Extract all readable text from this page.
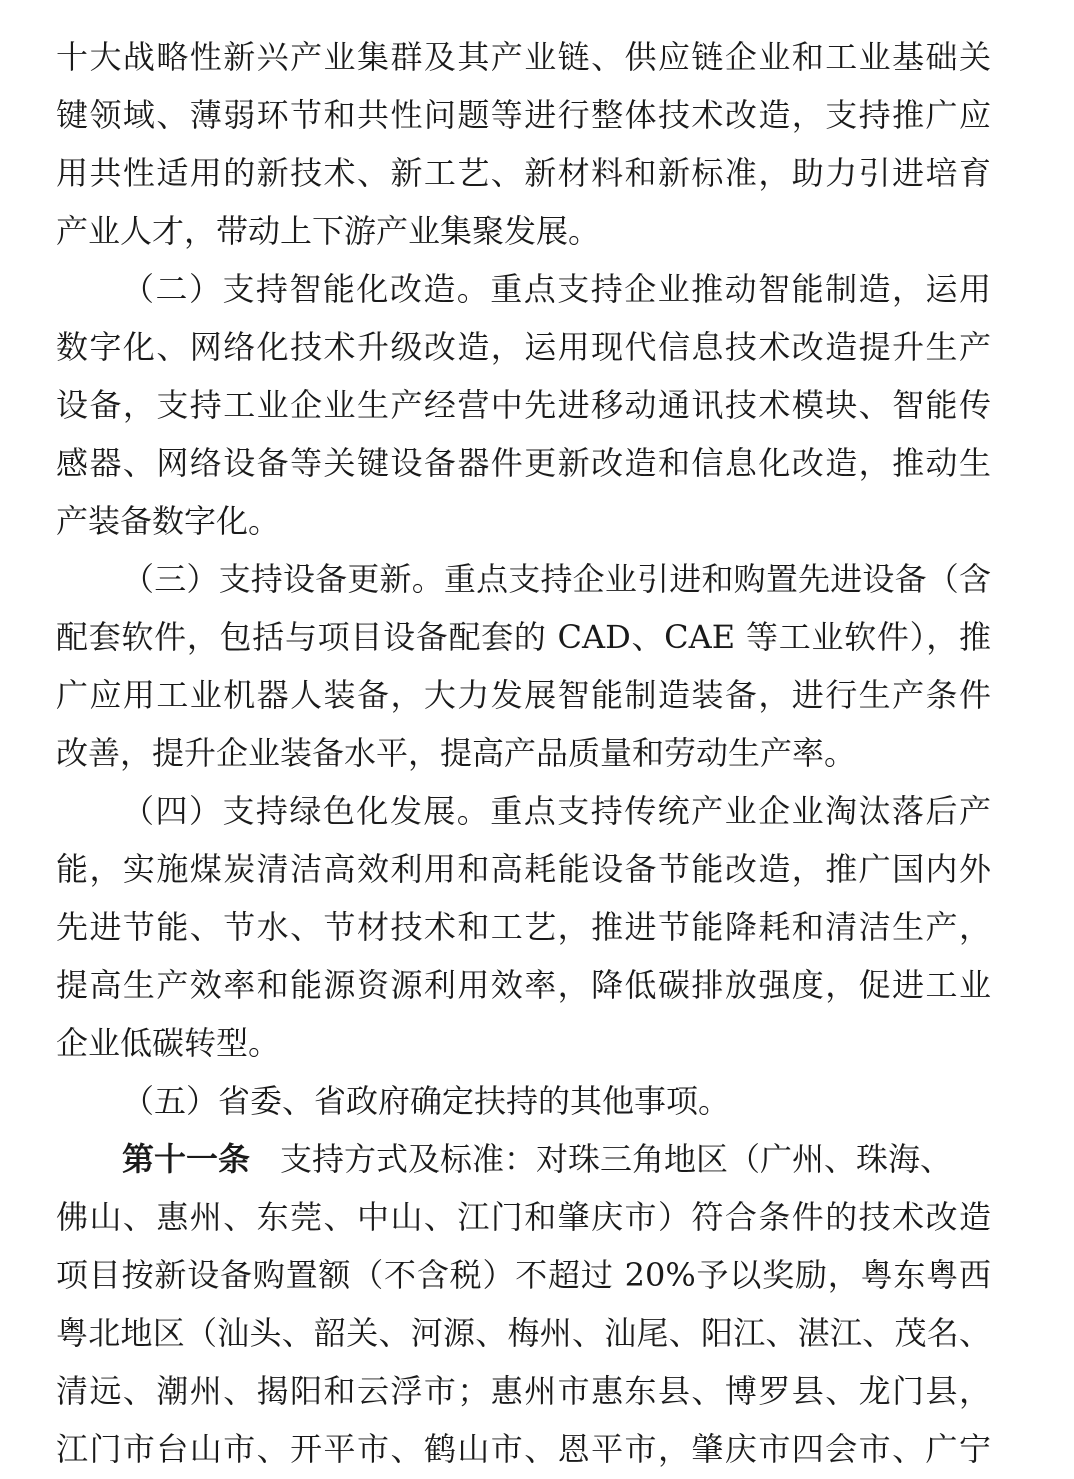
十大战略性新兴产业集群及其产业链、供应链企业和工业基础关
键领域、薄弱环节和共性问题等进行整体技术改造，支持推广应
用共性适用的新技术、新工艺、新材料和新标准，助力引进培育
产业人才，带动上下游产业集聚发展。
（二）支持智能化改造。重点支持企业推动智能制造，运用
数字化、网络化技术升级改造，运用现代信息技术改造提升生产
设备，支持工业企业生产经营中先进移动通讯技术模块、智能传
感器、网络设备等关键设备器件更新改造和信息化改造，推动生
产装备数字化。
（三）支持设备更新。重点支持企业引进和购置先进设备（含
配套软件，包括与项目设备配套的 CAD、CAE 等工业软件），推
广应用工业机器人装备，大力发展智能制造装备，进行生产条件
改善，提升企业装备水平，提高产品质量和劳动生产率。
（四）支持绿色化发展。重点支持传统产业企业淘汰落后产
能，实施煤炭清洁高效利用和高耗能设备节能改造，推广国内外
先进节能、节水、节材技术和工艺，推进节能降耗和清洁生产，
提高生产效率和能源资源利用效率，降低碳排放强度，促进工业
企业低碳转型。
（五）省委、省政府确定扶持的其他事项。
第十一条 支持方式及标准：对珠三角地区（广州、珠海、
佛山、惠州、东莞、中山、江门和肇庆市）符合条件的技术改造
项目按新设备购置额（不含税）不超过 20%予以奖励，粤东粤西
粤北地区（汕头、韶关、河源、梅州、汕尾、阳江、湛江、茂名、
清远、潮州、揭阳和云浮市；惠州市惠东县、博罗县、龙门县，
江门市台山市、开平市、鹤山市、恩平市，肇庆市四会市、广宁
